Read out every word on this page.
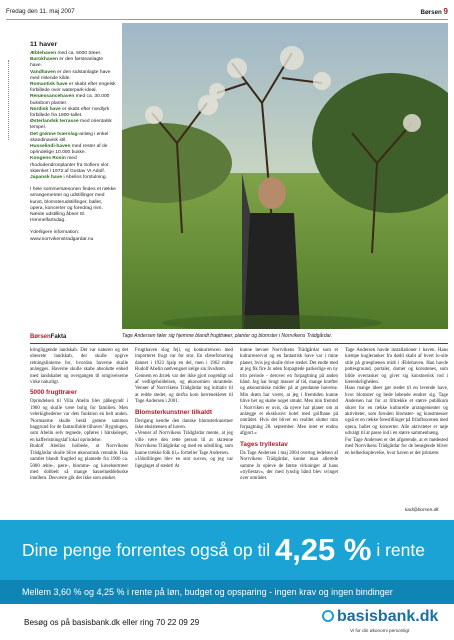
Fredag den 11. maj 2007	Børsen 9
11 haver
Æblehaven med ca. 5000 træer.
Barokhaven er den førsteanlagte have.
Vandhaven er den sidstanlagte have med rislende kilde.
Romantisk have er skabt efter engelsk forbillede over waterpark-ideal.
Renæssancehaven med ca. 30.000 buksbom planter.
Nordisk have er skabt efter nordlyrk forbillede fra 1800-tallet.
Østerlandsk terrasse med orientalsk tempel.
Det grønne tværslag-anlæg i enkel skandinavisk stil.
Husselindi-haven med rester af de oprindelige 10.000 buske.
Kongens Rosin med rhododendronplanter fra Sofiero slot skænket i 1972 af Gustav VI Adolf.
Japansk have i Abelins forstulning.
I hele sommersæsonen findes et række arrangementer og udstillinger med kunst, blomsterudstillinger, ballet, opera, koncerter og foredrag mm. Næste udstilling åbner 8/. Himmelfartsdag.
Yderligere information: www.norrvikenstradgardar.nu
BørsenFakta	Tage Andersen føler sig hjemme blandt frugttræer, planter og blomster i Norrvikens Trädgårdar.

kringliggende landskab. Det var naturen og det ubesrete landskab, der skulle opgive retningslinierne for, hvordan haverne skulle anlægges. Haverne skulle skabe absolutte enhed med landskabet og overgangen til omgivelserne virke naturligt.

5000 frugttræer

Oprindelsen til Villa Abelin blev påbegyndt i 1900 og skulle være bolig for familien. Men velerkighederne var dets funktion en helt anden. 'Normaerne skulle bestå grønne sammen baggrund for de fantasifulde tilhaver.' Bygningen, som Abelin selv tegnede, opføres i bårskeleget, en kafferistningslaf lokal oprindelse.

Rudolf Abelins hoibede, at Norrvikens Trädgårdar skulle blive økonomisk rentable. Han samtlet blandt frugtled og plantede fra 1906 ca. 5000 æble-, pære-, blomme- og kirsebærtræer med dobbelt så mange hasselnøddebuske imellem. Desværre gik det ikke som ønsket.

Frugthaven slog fejl, og konkurrencen med importeret frugt var for stor. En sfæreforsering dannet i 1923 hjalp en del, men i 1962 måtte Rudolf Abelin nødvenguet sælge sin livsdrøm.

Gennem en årræk var der ikke gjort nogetdigt ud af vedligeholdelsen, og økonomien skrantede. Venner af Norrvikens Trädgårdar tog initiativ til at redde stedet, og derfra kom herrenekleret til Tage Andersen i 2001.

Blomsterkunstner tilkaldt

Derigang kendte den danske blomsterkunstner ikke eksistensen af haven.

»Venner af Norrvikens Trädgårdar mente, at jeg ville være den rette person til at skrænne Norrvikens Trädgårdar og med en udstilling, som kunne trække folk til,« fortæller Tage Andersen.

»Udstillingen blev en stor succes, og jeg var ligeglaget af stedet! At

kunne bevare Norrvikens Trädgårdar som et kulturreservat og en fantastisk have var i mine planer, hvis jeg skulle drive stedet. Det endte med at jeg fik fire år uden forpagtede parkerlige en ny trin periode - derover en forpagtning på anden hånd. Jeg har brugt masser af tid, mange kræfter og økonomiske midler på at gendanne haverne. Min drøm har været, at jeg i fremtiden kunne blive her og skabe noget smukt. Men min fremtid i Norrviken er uvis, da nyere har planer om at anlægge et eksklusivt hotel med golfbane på området. Hvis det bliver en realitet slutter min forpagtning 28. september. Men intet er endnu afgjort.«

Tages tryllestav

Da Tage Andersen i maj 2004 overtog ledelsen af Norrvikens Trädgårdar, kunne man allerede samme år opleve de første virkninger af hans »tryllestav«, der med lynslig hånd blev svinget over området.

Tage Andersen havde installationer i haven. Hans kæmpe kugleranker fra dødd skabt af hvert lo-site stile på græsplænen midt i Æblehaven. Han havde pottesgruund, portaler, domer og korsstenes, som blide overrasker og giver sig kunstnerisk rod i bærenkrligheden.

Hans mange ideer gør stedet til en levende have, hvor blomster og bede løbende ændrer sig. Tage Andersen har for at tiltrække et større publikum sikret for en række kulturelle arrangementer og aktiviteter, som foruden blomster- og kunstmesser også er en række forestillinger på friluftsscenen med opera, ballet og koncerter. Alle aktiviteter er nøje udvalgt til at passe ind i en større sammenhæng.

For Tage Andersen er det afgørende, at et mødested med Norrvikens Trädgårdar for de besøgende bliver en helhedsoplevelse, hvor haven er det primære.

kad@borsen.dk
Dine penge forrentes også op til 4,25 % i rente
Mellem 3,60 % og 4,25 % i rente på løn, budget og opsparing - ingen krav og ingen bindinger
Besøg os på basisbank.dk eller ring 70 22 09 29	basisbank.dk
Vi for din økonomi personligt
